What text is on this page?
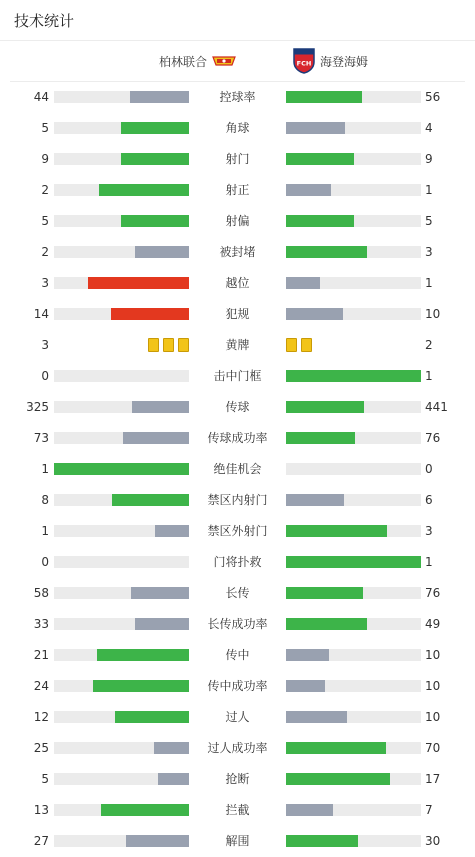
技术统计
柏林联合	FCH 海登海姆
44	控球率	56
5	角球	4
9	射门	9
2	射正	1
5	射偏	5
2	被封堵	3
3	越位	1
14	犯规	10
3	黄牌	2
0	击中门框	1
325	传球	441
73	传球成功率	76
1	绝佳机会	0
8	禁区内射门	6
1	禁区外射门	3
0	门将扑救	1
58	长传	76
33	长传成功率	49
21	传中	10
24	传中成功率	10
12	过人	10
25	过人成功率	70
5	抢断	17
13	拦截	7
27	解围	30
